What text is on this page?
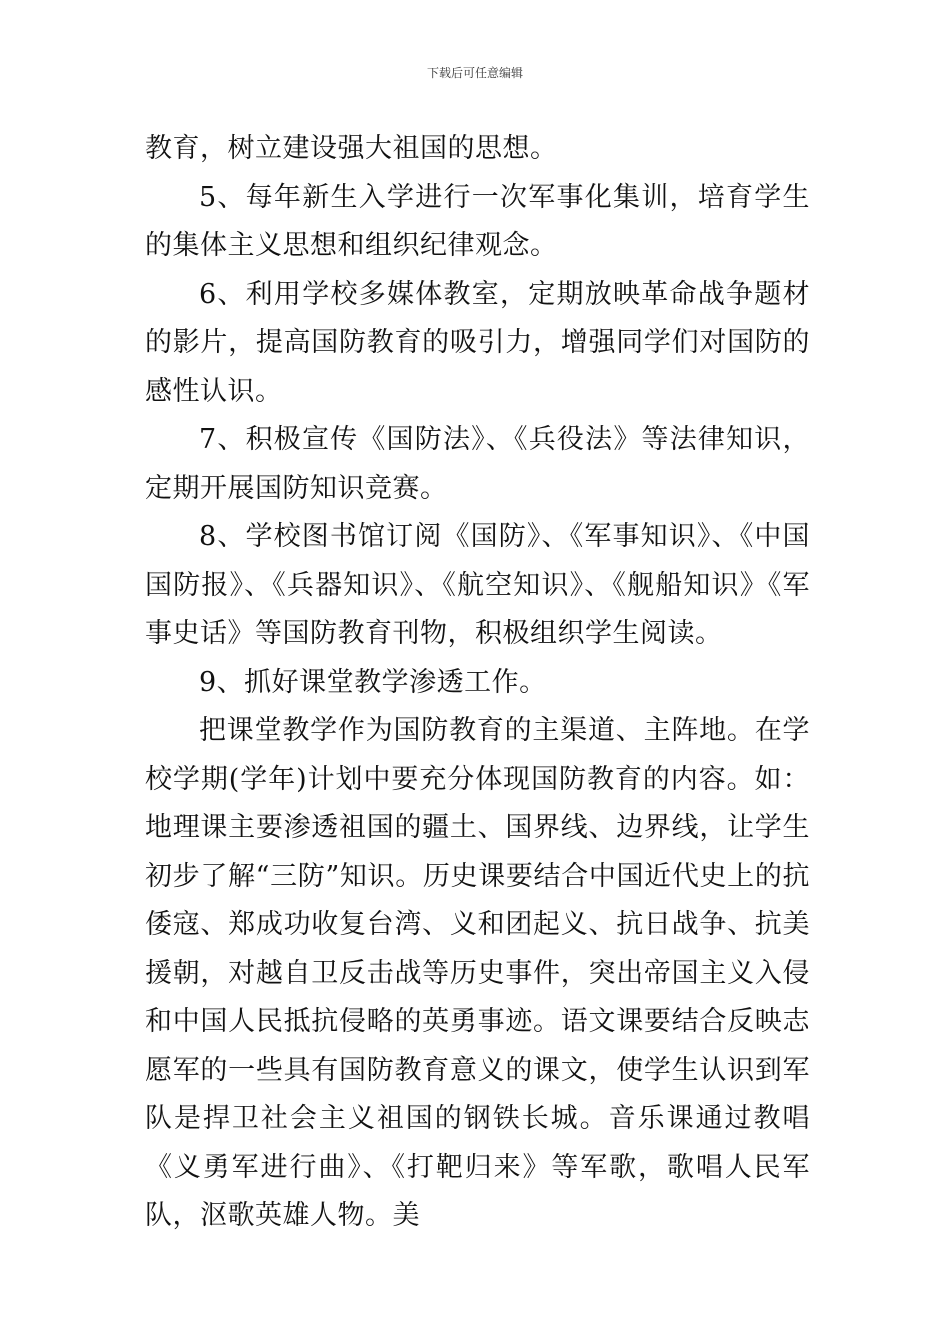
下载后可任意编辑

教育，树立建设强大祖国的思想。

5、每年新生入学进行一次军事化集训，培育学生的集体主义思想和组织纪律观念。

6、利用学校多媒体教室，定期放映革命战争题材的影片，提高国防教育的吸引力，增强同学们对国防的感性认识。

7、积极宣传《国防法》、《兵役法》等法律知识，定期开展国防知识竞赛。

8、学校图书馆订阅《国防》、《军事知识》、《中国国防报》、《兵器知识》、《航空知识》、《舰船知识》《军事史话》等国防教育刊物，积极组织学生阅读。

9、抓好课堂教学渗透工作。

把课堂教学作为国防教育的主渠道、主阵地。在学校学期(学年)计划中要充分体现国防教育的内容。如：地理课主要渗透祖国的疆土、国界线、边界线，让学生初步了解“三防”知识。历史课要结合中国近代史上的抗倭寇、郑成功收复台湾、义和团起义、抗日战争、抗美援朝，对越自卫反击战等历史事件，突出帝国主义入侵和中国人民抵抗侵略的英勇事迹。语文课要结合反映志愿军的一些具有国防教育意义的课文，使学生认识到军队是捍卫社会主义祖国的钢铁长城。音乐课通过教唱《义勇军进行曲》、《打靶归来》等军歌，歌唱人民军队，沤歌英雄人物。美
